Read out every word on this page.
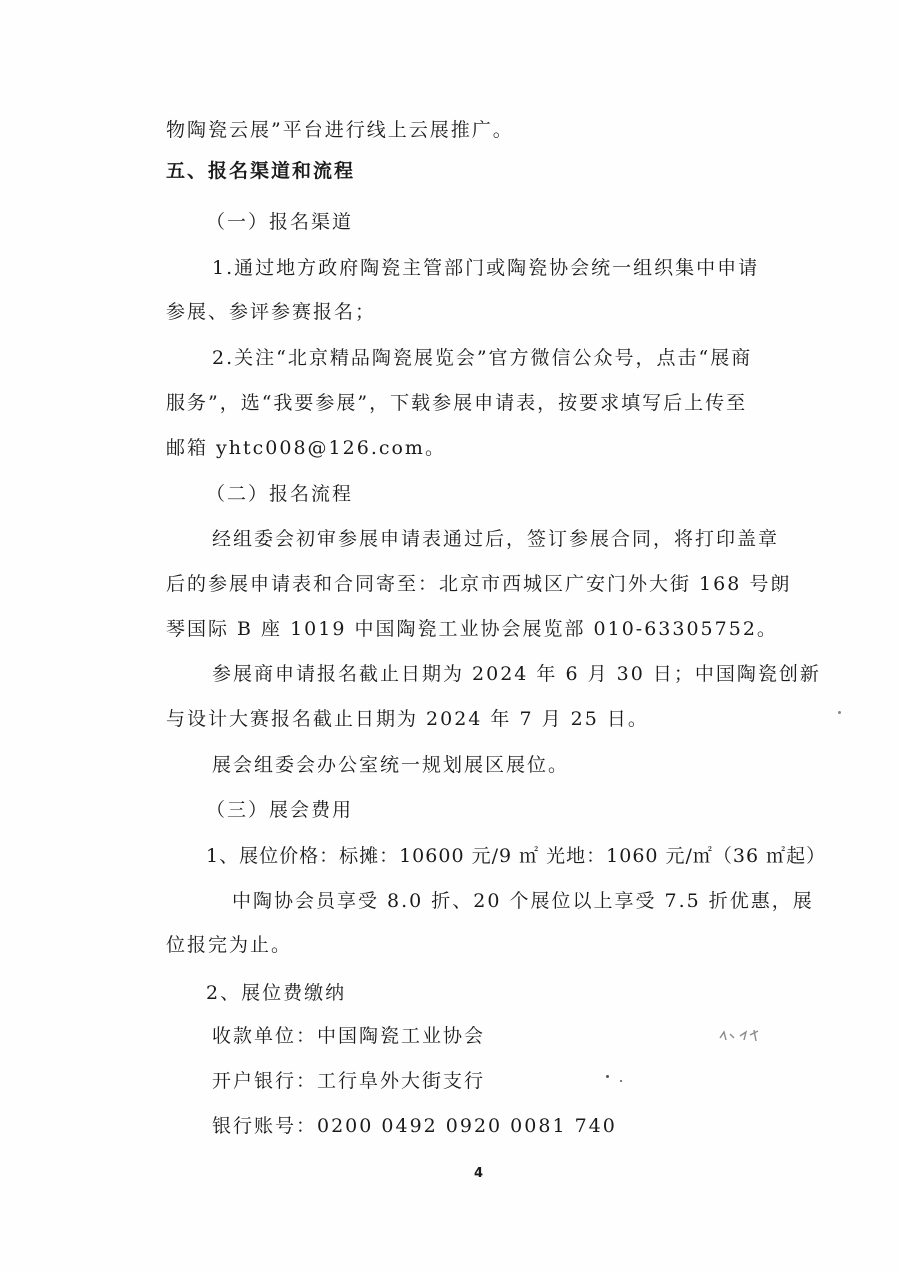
物陶瓷云展”平台进行线上云展推广。
五、报名渠道和流程
（一）报名渠道
1.通过地方政府陶瓷主管部门或陶瓷协会统一组织集中申请
参展、参评参赛报名；
2.关注“北京精品陶瓷展览会”官方微信公众号，点击“展商
服务”，选“我要参展”，下载参展申请表，按要求填写后上传至
邮箱 yhtc008@126.com。
（二）报名流程
经组委会初审参展申请表通过后，签订参展合同，将打印盖章
后的参展申请表和合同寄至：北京市西城区广安门外大街 168 号朗
琴国际 B 座 1019 中国陶瓷工业协会展览部 010-63305752。
参展商申请报名截止日期为 2024 年 6 月 30 日；中国陶瓷创新
与设计大赛报名截止日期为 2024 年 7 月 25 日。
展会组委会办公室统一规划展区展位。
（三）展会费用
1、展位价格：标摊：10600 元/9 ㎡ 光地：1060 元/㎡（36 ㎡起）
中陶协会员享受 8.0 折、20 个展位以上享受 7.5 折优惠，展
位报完为止。
2、展位费缴纳
收款单位：中国陶瓷工业协会
开户银行：工行阜外大街支行
银行账号：0200 0492 0920 0081 740
4
